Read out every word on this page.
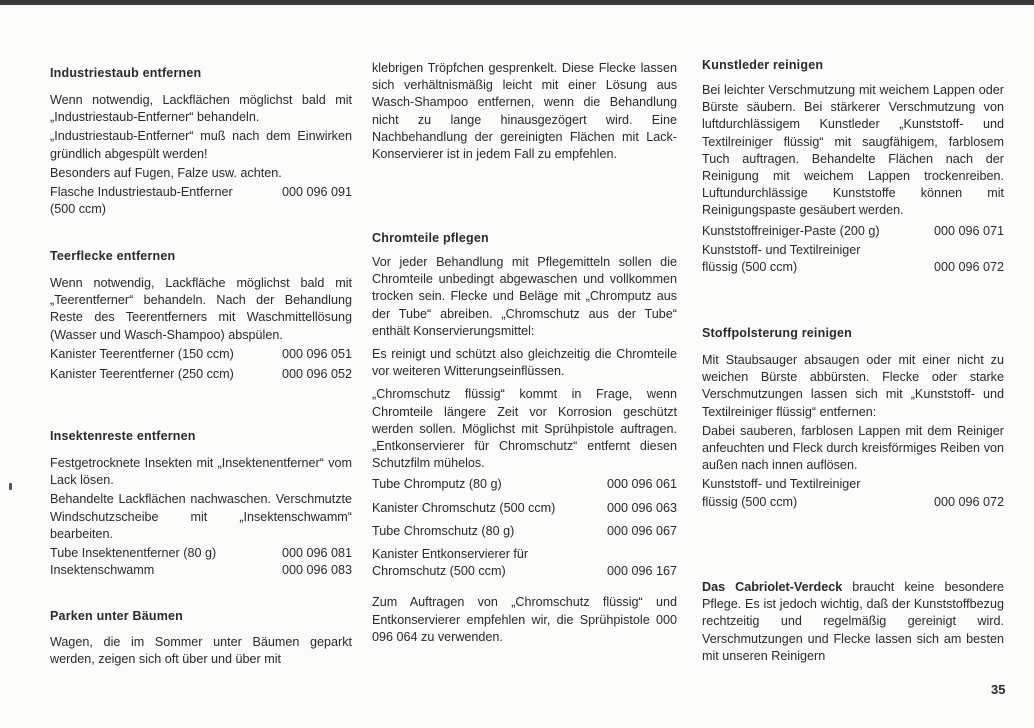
Industriestaub entfernen

Wenn notwendig, Lackflächen möglichst bald mit „Industriestaub-Entferner“ behandeln.

„Industriestaub-Entferner“ muß nach dem Einwirken gründlich abgespült werden!

Besonders auf Fugen, Falze usw. achten.

Flasche Industriestaub-Entferner
(500 ccm)
000 096 091
Teerflecke entfernen

Wenn notwendig, Lackfläche möglichst bald mit „Teerentferner“ behandeln. Nach der Behandlung Reste des Teerentferners mit Waschmittellösung (Wasser und Wasch-Shampoo) abspülen.

Kanister Teerentferner (150 ccm)	000 096 051
Kanister Teerentferner (250 ccm)	000 096 052
Insektenreste entfernen

Festgetrocknete Insekten mit „Insektenentferner“ vom Lack lösen.

Behandelte Lackflächen nachwaschen. Verschmutzte Windschutzscheibe mit „Insektenschwamm“ bearbeiten.

Tube Insektenentferner (80 g)	000 096 081
Insektenschwamm	000 096 083
Parken unter Bäumen

Wagen, die im Sommer unter Bäumen geparkt werden, zeigen sich oft über und über mit

klebrigen Tröpfchen gesprenkelt. Diese Flecke lassen sich verhältnismäßig leicht mit einer Lösung aus Wasch-Shampoo entfernen, wenn die Behandlung nicht zu lange hinausgezögert wird. Eine Nachbehandlung der gereinigten Flächen mit Lack-Konservierer ist in jedem Fall zu empfehlen.

Chromteile pflegen

Vor jeder Behandlung mit Pflegemitteln sollen die Chromteile unbedingt abgewaschen und vollkommen trocken sein. Flecke und Beläge mit „Chromputz aus der Tube“ abreiben. „Chromschutz aus der Tube“ enthält Konservierungsmittel:

Es reinigt und schützt also gleichzeitig die Chromteile vor weiteren Witterungseinflüssen.

„Chromschutz flüssig“ kommt in Frage, wenn Chromteile längere Zeit vor Korrosion geschützt werden sollen. Möglichst mit Sprühpistole auftragen. „Entkonservierer für Chromschutz“ entfernt diesen Schutzfilm mühelos.

Tube Chromputz (80 g)	000 096 061
Kanister Chromschutz (500 ccm)	000 096 063
Tube Chromschutz (80 g)	000 096 067
Kanister Entkonservierer für
Chromschutz (500 ccm)	000 096 167

Zum Auftragen von „Chromschutz flüssig“ und Entkonservierer empfehlen wir, die Sprühpistole 000 096 064 zu verwenden.

Kunstleder reinigen

Bei leichter Verschmutzung mit weichem Lappen oder Bürste säubern. Bei stärkerer Verschmutzung von luftdurchlässigem Kunstleder „Kunststoff- und Textilreiniger flüssig“ mit saugfähigem, farblosem Tuch auftragen. Behandelte Flächen nach der Reinigung mit weichem Lappen trockenreiben. Luftundurchlässige Kunststoffe können mit Reinigungspaste gesäubert werden.

Kunststoffreiniger-Paste (200 g)	000 096 071
Kunststoff- und Textilreiniger
flüssig (500 ccm)	000 096 072
Stoffpolsterung reinigen

Mit Staubsauger absaugen oder mit einer nicht zu weichen Bürste abbürsten. Flecke oder starke Verschmutzungen lassen sich mit „Kunststoff- und Textilreiniger flüssig“ entfernen:

Dabei sauberen, farblosen Lappen mit dem Reiniger anfeuchten und Fleck durch kreisförmiges Reiben von außen nach innen auflösen.

Kunststoff- und Textilreiniger
flüssig (500 ccm)	000 096 072

Das Cabriolet-Verdeck braucht keine besondere Pflege. Es ist jedoch wichtig, daß der Kunststoffbezug rechtzeitig und regelmäßig gereinigt wird. Verschmutzungen und Flecke lassen sich am besten mit unseren Reinigern

35
